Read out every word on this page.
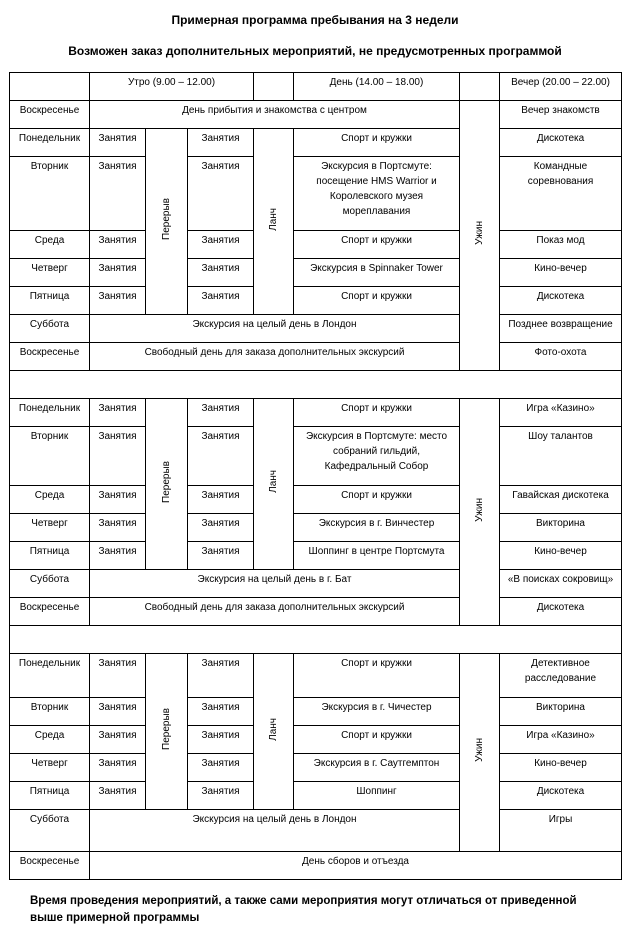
Примерная программа пребывания на 3 недели
Возможен заказ дополнительных мероприятий, не предусмотренных программой
	Утро (9.00 – 12.00)				День (14.00 – 18.00)		Вечер (20.00 – 22.00)
Воскресенье	День прибытия и знакомства с центром					Ужин	Вечер знакомств
Понедельник	Занятия	Перерыв	Занятия	Ланч	Спорт и кружки		Дискотека
Вторник	Занятия		Занятия		Экскурсия в Портсмуте: посещение HMS Warrior и Королевского музея мореплавания		Командные соревнования
Среда	Занятия		Занятия		Спорт и кружки		Показ мод
Четверг	Занятия		Занятия		Экскурсия в Spinnaker Tower		Кино-вечер
Пятница	Занятия		Занятия		Спорт и кружки		Дискотека
Суббота	Экскурсия на целый день в Лондон						Позднее возвращение
Воскресенье	Свободный день для заказа дополнительных экскурсий						Фото-охота

Понедельник	Занятия	Перерыв	Занятия	Ланч	Спорт и кружки	Ужин	Игра «Казино»
Вторник	Занятия		Занятия		Экскурсия в Портсмуте: место собраний гильдий, Кафедральный Собор		Шоу талантов
Среда	Занятия		Занятия		Спорт и кружки		Гавайская дискотека
Четверг	Занятия		Занятия		Экскурсия в г. Винчестер		Викторина
Пятница	Занятия		Занятия		Шоппинг в центре Портсмута		Кино-вечер
Суббота	Экскурсия на целый день в г. Бат						«В поисках сокровищ»
Воскресенье	Свободный день для заказа дополнительных экскурсий						Дискотека

Понедельник	Занятия	Перерыв	Занятия	Ланч	Спорт и кружки	Ужин	Детективное расследование
Вторник	Занятия		Занятия		Экскурсия в г. Чичестер		Викторина
Среда	Занятия		Занятия		Спорт и кружки		Игра «Казино»
Четверг	Занятия		Занятия		Экскурсия в г. Саутгемптон		Кино-вечер
Пятница	Занятия		Занятия		Шоппинг		Дискотека
Суббота	Экскурсия на целый день в Лондон						Игры
Воскресенье	День сборов и отъезда						
Время проведения мероприятий, а также сами мероприятия могут отличаться от приведенной выше примерной программы
